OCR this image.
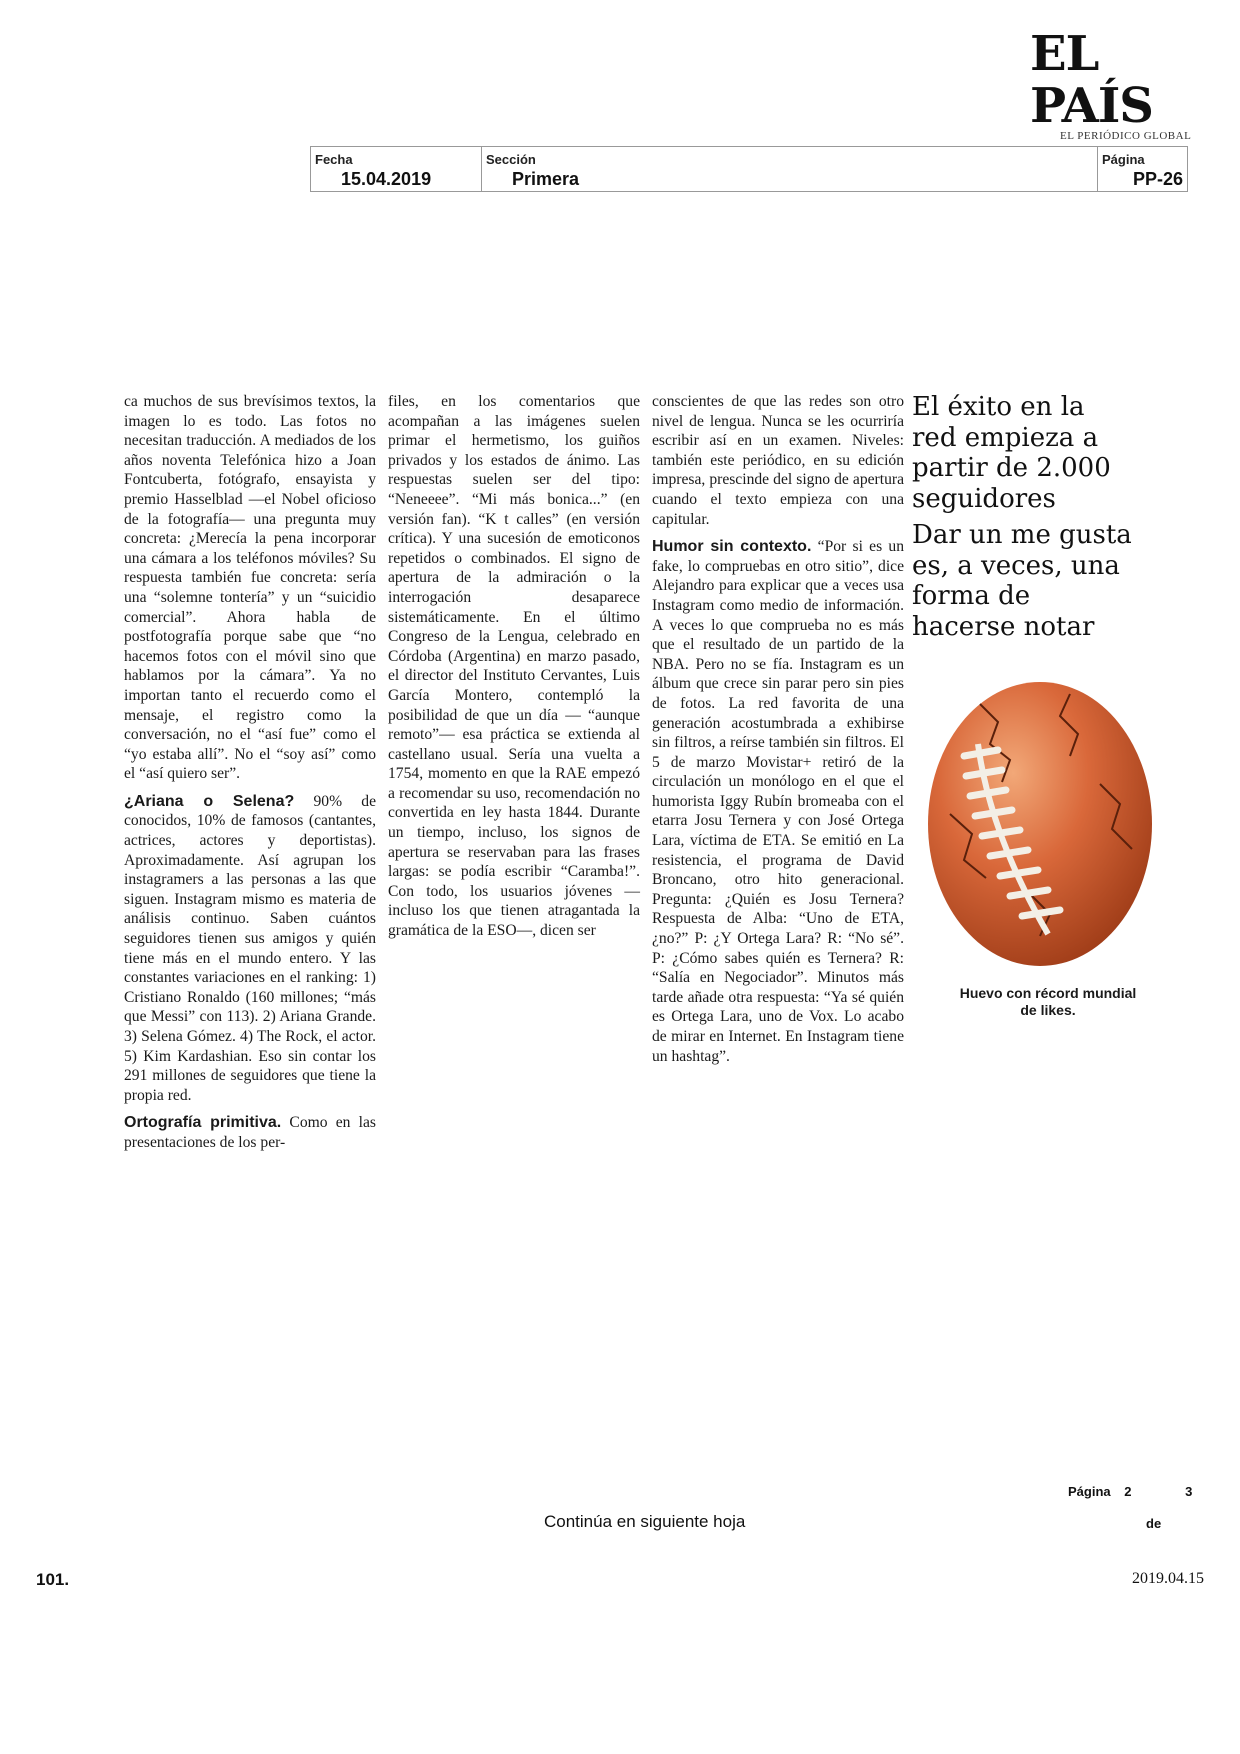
EL PAÍS
EL PERIÓDICO GLOBAL
Fecha
15.04.2019
Sección
Primera
Página
PP-26

ca muchos de sus brevísimos textos, la imagen lo es todo. Las fotos no necesitan traducción. A mediados de los años noventa Telefónica hizo a Joan Fontcuberta, fotógrafo, ensayista y premio Hasselblad —el Nobel oficioso de la fotografía— una pregunta muy concreta: ¿Merecía la pena incorporar una cámara a los teléfonos móviles? Su respuesta también fue concreta: sería una “solemne tontería” y un “suicidio comercial”. Ahora habla de postfotografía porque sabe que “no hacemos fotos con el móvil sino que hablamos por la cámara”. Ya no importan tanto el recuerdo como el mensaje, el registro como la conversación, no el “así fue” como el “yo estaba allí”. No el “soy así” como el “así quiero ser”.

¿Ariana o Selena? 90% de conocidos, 10% de famosos (cantantes, actrices, actores y deportistas). Aproximadamente. Así agrupan los instagramers a las personas a las que siguen. Instagram mismo es materia de análisis continuo. Saben cuántos seguidores tienen sus amigos y quién tiene más en el mundo entero. Y las constantes variaciones en el ranking: 1) Cristiano Ronaldo (160 millones; “más que Messi” con 113). 2) Ariana Grande. 3) Selena Gómez. 4) The Rock, el actor. 5) Kim Kardashian. Eso sin contar los 291 millones de seguidores que tiene la propia red.

Ortografía primitiva. Como en las presentaciones de los per-

files, en los comentarios que acompañan a las imágenes suelen primar el hermetismo, los guiños privados y los estados de ánimo. Las respuestas suelen ser del tipo: “Neneeee”. “Mi más bonica...” (en versión fan). “K t calles” (en versión crítica). Y una sucesión de emoticonos repetidos o combinados. El signo de apertura de la admiración o la interrogación desaparece sistemáticamente. En el último Congreso de la Lengua, celebrado en Córdoba (Argentina) en marzo pasado, el director del Instituto Cervantes, Luis García Montero, contempló la posibilidad de que un día — “aunque remoto”— esa práctica se extienda al castellano usual. Sería una vuelta a 1754, momento en que la RAE empezó a recomendar su uso, recomendación no convertida en ley hasta 1844. Durante un tiempo, incluso, los signos de apertura se reservaban para las frases largas: se podía escribir “Caramba!”. Con todo, los usuarios jóvenes —incluso los que tienen atragantada la gramática de la ESO—, dicen ser

conscientes de que las redes son otro nivel de lengua. Nunca se les ocurriría escribir así en un examen. Niveles: también este periódico, en su edición impresa, prescinde del signo de apertura cuando el texto empieza con una capitular.

Humor sin contexto. “Por si es un fake, lo compruebas en otro sitio”, dice Alejandro para explicar que a veces usa Instagram como medio de información. A veces lo que comprueba no es más que el resultado de un partido de la NBA. Pero no se fía. Instagram es un álbum que crece sin parar pero sin pies de fotos. La red favorita de una generación acostumbrada a exhibirse sin filtros, a reírse también sin filtros. El 5 de marzo Movistar+ retiró de la circulación un monólogo en el que el humorista Iggy Rubín bromeaba con el etarra Josu Ternera y con José Ortega Lara, víctima de ETA. Se emitió en La resistencia, el programa de David Broncano, otro hito generacional. Pregunta: ¿Quién es Josu Ternera? Respuesta de Alba: “Uno de ETA, ¿no?” P: ¿Y Ortega Lara? R: “No sé”. P: ¿Cómo sabes quién es Ternera? R: “Salía en Negociador”. Minutos más tarde añade otra respuesta: “Ya sé quién es Ortega Lara, uno de Vox. Lo acabo de mirar en Internet. En Instagram tiene un hashtag”.

El éxito en la red empieza a partir de 2.000 seguidores

Dar un me gusta es, a veces, una forma de hacerse notar

Huevo con récord mundial de likes.
Página 2	3
de
Continúa en siguiente hoja
101.	2019.04.15
